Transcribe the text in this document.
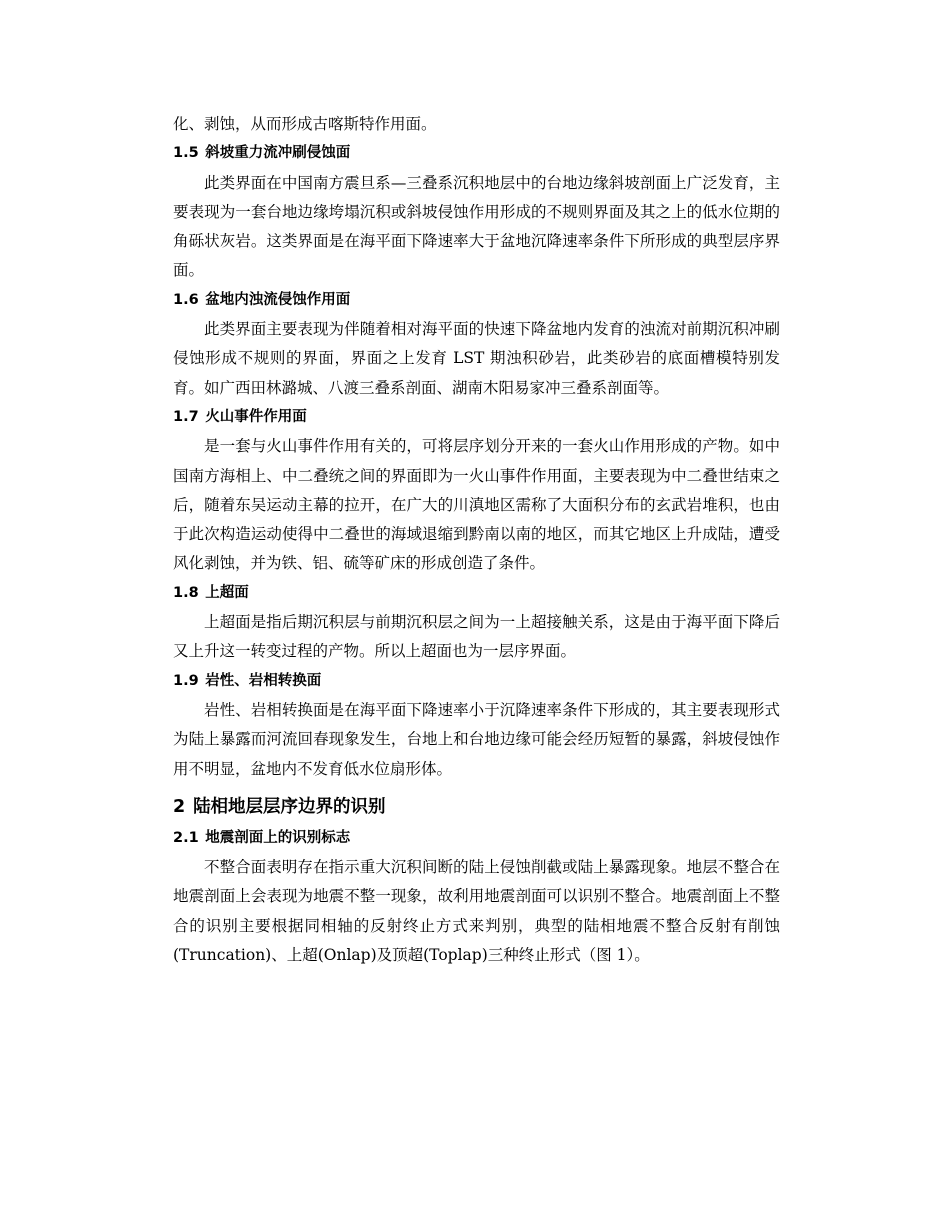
化、剥蚀，从而形成古喀斯特作用面。

1.5 斜坡重力流冲刷侵蚀面

此类界面在中国南方震旦系—三叠系沉积地层中的台地边缘斜坡剖面上广泛发育，主要表现为一套台地边缘垮塌沉积或斜坡侵蚀作用形成的不规则界面及其之上的低水位期的角砾状灰岩。这类界面是在海平面下降速率大于盆地沉降速率条件下所形成的典型层序界面。

1.6 盆地内浊流侵蚀作用面

此类界面主要表现为伴随着相对海平面的快速下降盆地内发育的浊流对前期沉积冲刷侵蚀形成不规则的界面，界面之上发育 LST 期浊积砂岩，此类砂岩的底面槽模特别发育。如广西田林潞城、八渡三叠系剖面、湖南木阳易家冲三叠系剖面等。

1.7 火山事件作用面

是一套与火山事件作用有关的，可将层序划分开来的一套火山作用形成的产物。如中国南方海相上、中二叠统之间的界面即为一火山事件作用面，主要表现为中二叠世结束之后，随着东吴运动主幕的拉开，在广大的川滇地区需称了大面积分布的玄武岩堆积，也由于此次构造运动使得中二叠世的海域退缩到黔南以南的地区，而其它地区上升成陆，遭受风化剥蚀，并为铁、铝、硫等矿床的形成创造了条件。

1.8 上超面

上超面是指后期沉积层与前期沉积层之间为一上超接触关系，这是由于海平面下降后又上升这一转变过程的产物。所以上超面也为一层序界面。

1.9 岩性、岩相转换面

岩性、岩相转换面是在海平面下降速率小于沉降速率条件下形成的，其主要表现形式为陆上暴露而河流回春现象发生，台地上和台地边缘可能会经历短暂的暴露，斜坡侵蚀作用不明显，盆地内不发育低水位扇形体。

2 陆相地层层序边界的识别

2.1 地震剖面上的识别标志

不整合面表明存在指示重大沉积间断的陆上侵蚀削截或陆上暴露现象。地层不整合在地震剖面上会表现为地震不整一现象，故利用地震剖面可以识别不整合。地震剖面上不整合的识别主要根据同相轴的反射终止方式来判别，典型的陆相地震不整合反射有削蚀(Truncation)、上超(Onlap)及顶超(Toplap)三种终止形式（图 1）。
